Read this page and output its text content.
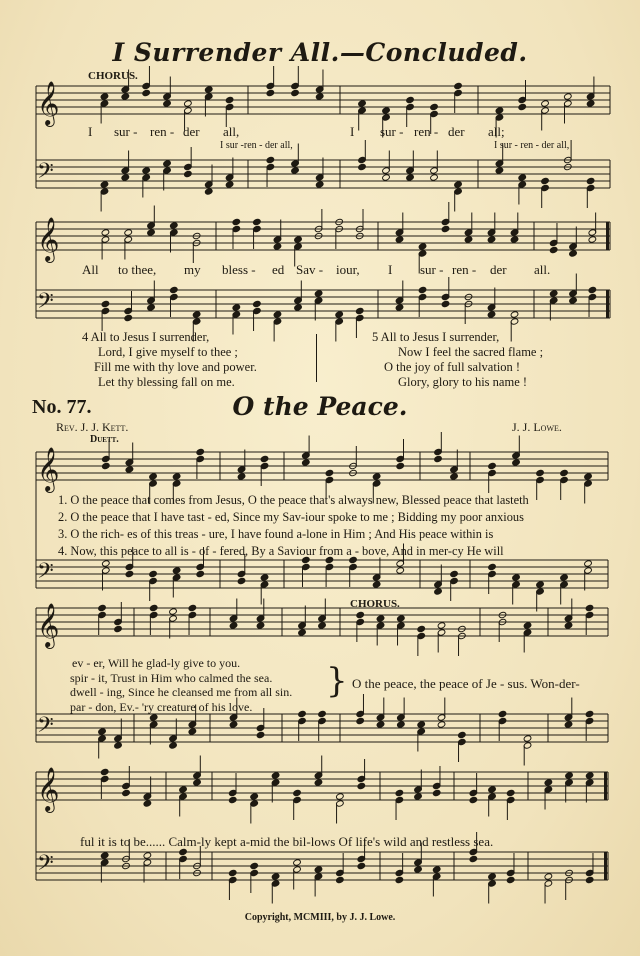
I Surrender All.—Concluded.
CHORUS.
𝄞
𝄢
𝄞
𝄢
𝄞
𝄢
𝄞
𝄢
𝄞
𝄢
I sur - ren - der all,	I sur - ren - der all;
I sur -ren - der all,	I sur - ren - der all,
All to thee, my bless - ed Sav - iour, I sur - ren - der all.
4 All to Jesus I surrender,
Lord, I give myself to thee ;
Fill me with thy love and power.
Let thy blessing fall on me.
5 All to Jesus I surrender,
Now I feel the sacred flame ;
O the joy of full salvation !
Glory, glory to his name !
No. 77.	O the Peace.
Rev. J. J. Kett.	J. J. Lowe.
Duett.
1. O the peace that comes from Jesus, O the peace that's always new, Blessed peace that lasteth
2. O the peace that I have tast - ed, Since my Sav-iour spoke to me ; Bidding my poor anxious
3. O the rich- es of this treas - ure, I have found a-lone in Him ; And His peace within is
4. Now, this peace to all is - of - fered, By a Saviour from a - bove, And in mer-cy He will
ev - er, Will he glad-ly give to you.
spir - it, Trust in Him who calmed the sea.
dwell - ing, Since he cleansed me from all sin.
par - don, Ev.- 'ry creature of his love.
}
CHORUS.
O the peace, the peace of Je - sus. Won-der-
ful it is to be...... Calm-ly kept a-mid the bil-lows Of life's wild and restless sea.
Copyright, MCMIII, by J. J. Lowe.
